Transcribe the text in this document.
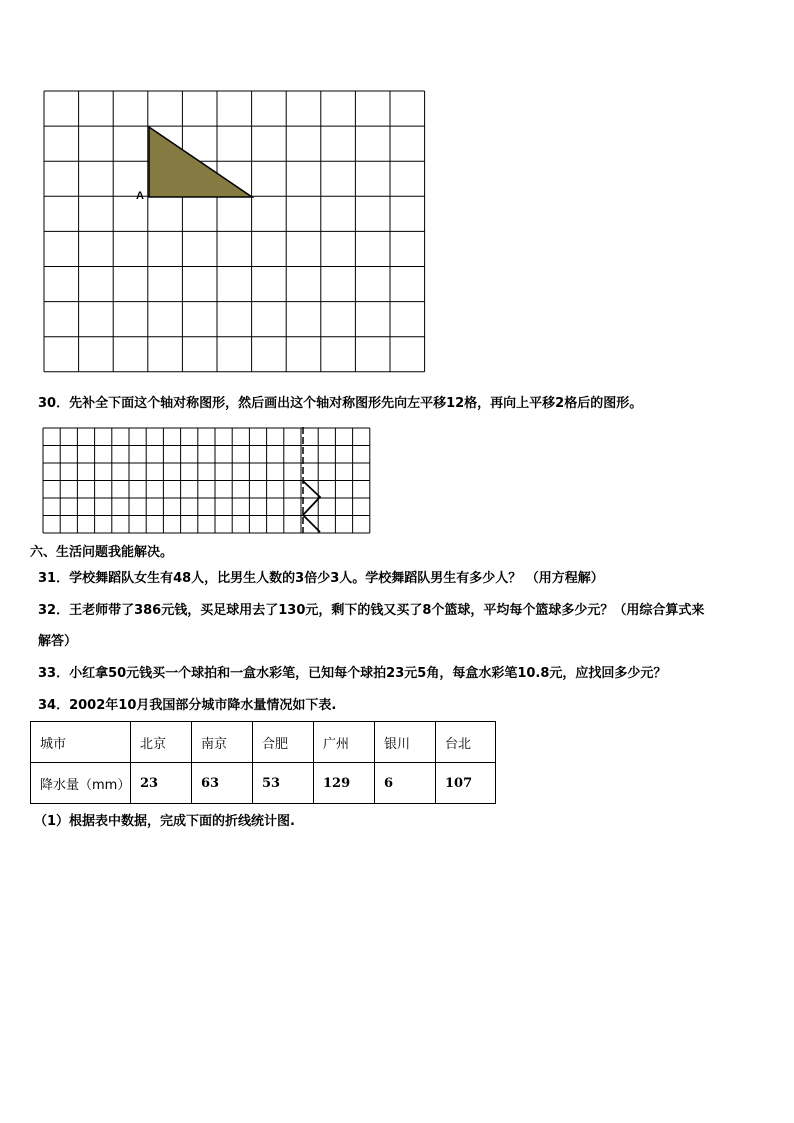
A
30．先补全下面这个轴对称图形，然后画出这个轴对称图形先向左平移12格，再向上平移2格后的图形。
六、生活问题我能解决。
31．学校舞蹈队女生有48人，比男生人数的3倍少3人。学校舞蹈队男生有多少人？ （用方程解）
32．王老师带了386元钱，买足球用去了130元，剩下的钱又买了8个篮球，平均每个篮球多少元？（用综合算式来
解答）
33．小红拿50元钱买一个球拍和一盒水彩笔，已知每个球拍23元5角，每盒水彩笔10.8元，应找回多少元？
34．2002年10月我国部分城市降水量情况如下表.
城市	北京	南京	合肥	广州	银川	台北
降水量（mm）	23	63	53	129	6	107
（1）根据表中数据，完成下面的折线统计图.
